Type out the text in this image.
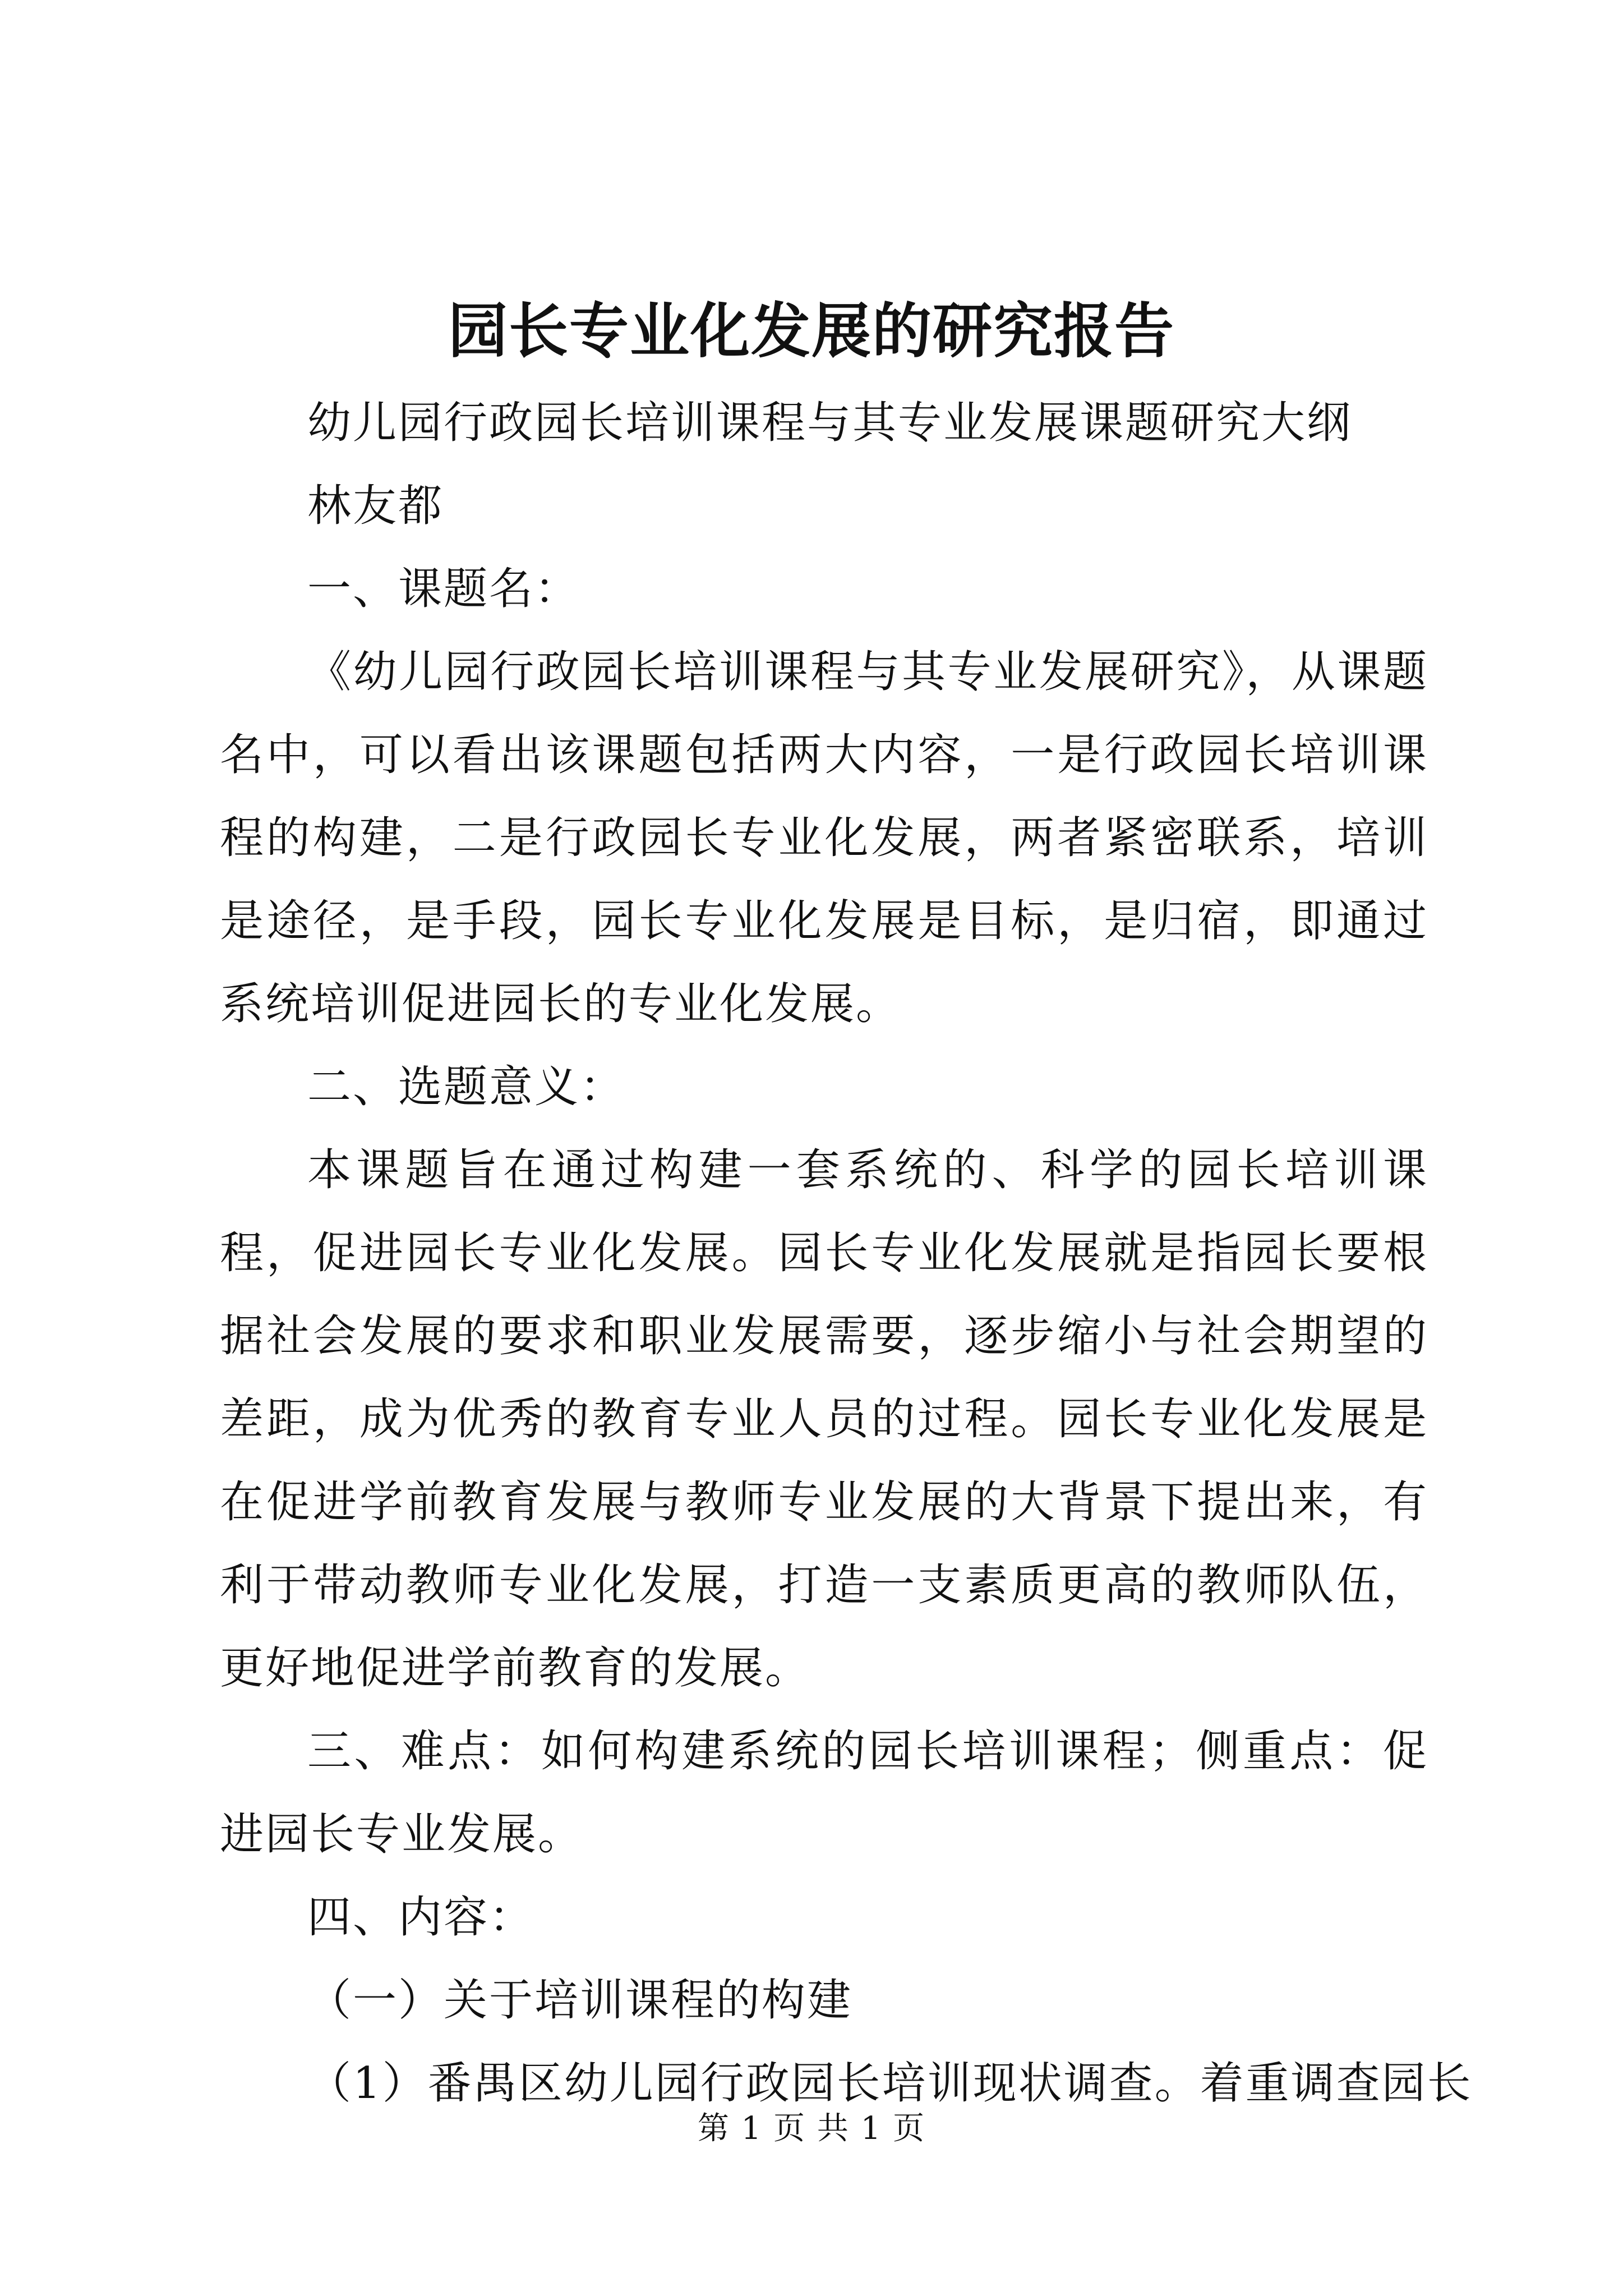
园长专业化发展的研究报告
幼儿园行政园长培训课程与其专业发展课题研究大纲
林友都
一、课题名：
《幼儿园行政园长培训课程与其专业发展研究》，从课题名中，可以看出该课题包括两大内容，一是行政园长培训课程的构建，二是行政园长专业化发展，两者紧密联系，培训是途径，是手段，园长专业化发展是目标，是归宿，即通过系统培训促进园长的专业化发展。
二、选题意义：
本课题旨在通过构建一套系统的、科学的园长培训课程，促进园长专业化发展。园长专业化发展就是指园长要根据社会发展的要求和职业发展需要，逐步缩小与社会期望的差距，成为优秀的教育专业人员的过程。园长专业化发展是在促进学前教育发展与教师专业发展的大背景下提出来，有利于带动教师专业化发展，打造一支素质更高的教师队伍，更好地促进学前教育的发展。
三、难点：如何构建系统的园长培训课程；侧重点：促进园长专业发展。
四、内容：
（一）关于培训课程的构建
（1）番禺区幼儿园行政园长培训现状调查。着重调查园长
第 1 页 共 1 页
